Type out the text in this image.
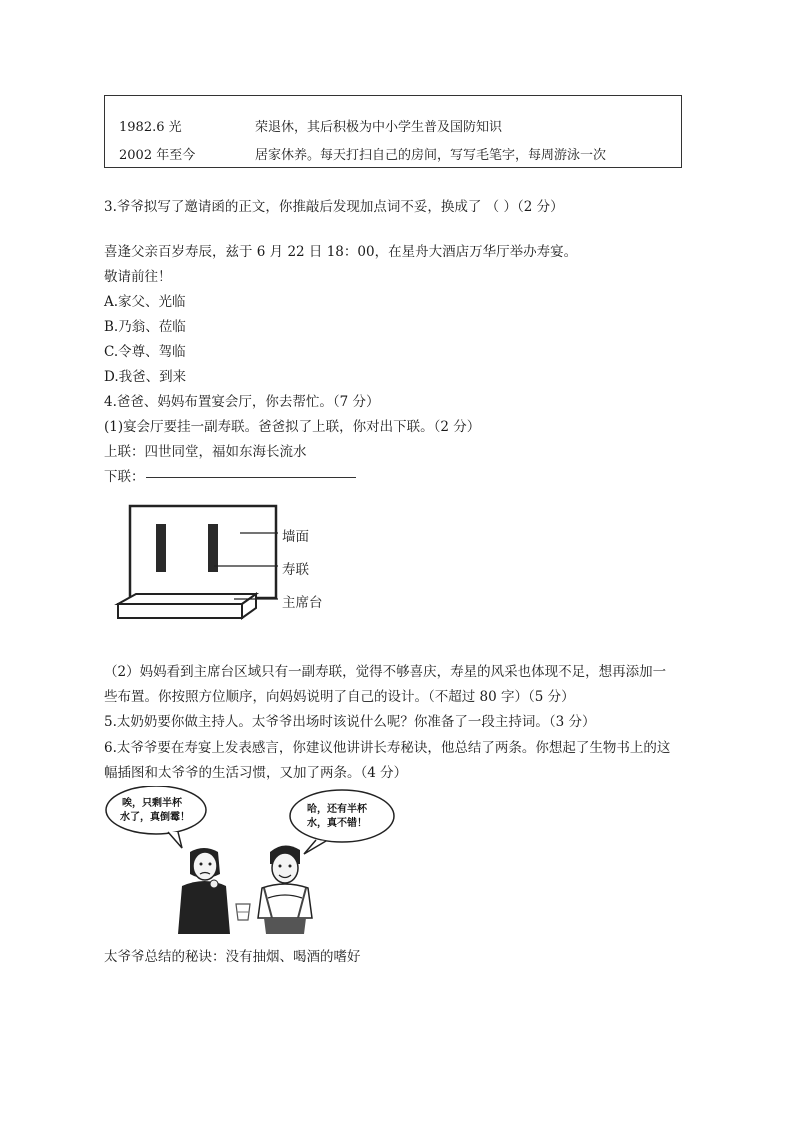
1982.6 光	荣退休，其后积极为中小学生普及国防知识
2002 年至今	居家休养。每天打扫自己的房间，写写毛笔字，每周游泳一次
3.爷爷拟写了邀请函的正文，你推敲后发现加点词不妥，换成了 （ ）（2 分）
喜逢父亲百岁寿辰，兹于 6 月 22 日 18：00，在星舟大酒店万华厅举办寿宴。
敬请前往！
A.家父、光临
B.乃翁、莅临
C.令尊、驾临
D.我爸、到来
4.爸爸、妈妈布置宴会厅，你去帮忙。（7 分）
(1)宴会厅要挂一副寿联。爸爸拟了上联，你对出下联。（2 分）
上联：四世同堂，福如东海长流水
下联：
墙面
寿联
主席台
（2）妈妈看到主席台区域只有一副寿联，觉得不够喜庆，寿星的风采也体现不足，想再添加一
些布置。你按照方位顺序，向妈妈说明了自己的设计。（不超过 80 字）（5 分）
5.太奶奶要你做主持人。太爷爷出场时该说什么呢？你准备了一段主持词。（3 分）
6.太爷爷要在寿宴上发表感言，你建议他讲讲长寿秘诀，他总结了两条。你想起了生物书上的这
幅插图和太爷爷的生活习惯，又加了两条。（4 分）
唉，只剩半杯
水了，真倒霉！
哈，还有半杯
水，真不错！
太爷爷总结的秘诀：没有抽烟、喝酒的嗜好
